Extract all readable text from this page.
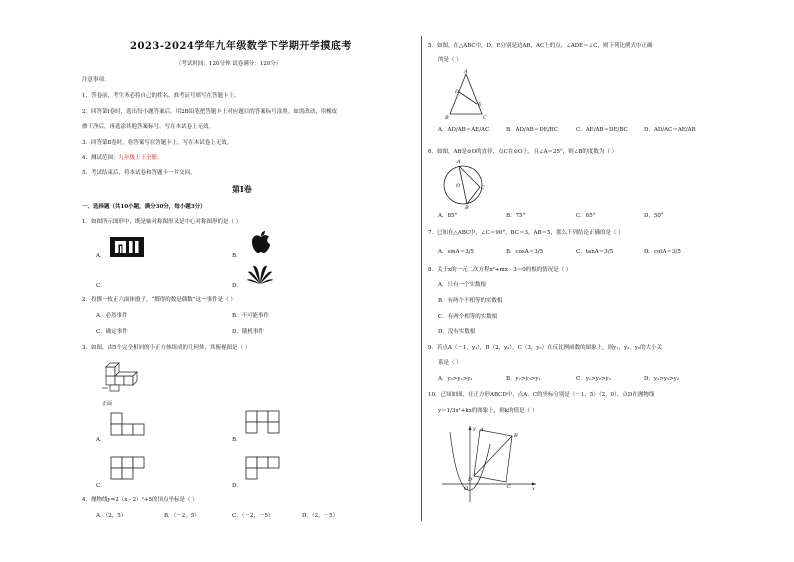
2023-2024学年九年级数学下学期开学摸底考
（考试时间：120分钟 试卷满分：120分）
注意事项：
1．答卷前，考生务必将自己的姓名、准考证号填写在答题卡上。
2．回答第Ⅰ卷时，选出每小题答案后，用2B铅笔把答题卡上对应题目的答案标号涂黑。如需改动，用橡皮
擦干净后，再选涂其他答案标号。写在本试卷上无效。
3．回答第Ⅱ卷时，将答案写在答题卡上。写在本试卷上无效。
4．测试范围：九年级上下全册。
5．考试结束后，将本试卷和答题卡一并交回。
第Ⅰ卷
一、选择题（共10小题，满分30分，每小题3分）
1．如图所示图形中，既是轴对称图形又是中心对称图形的是（ ）
A．	B．
C．	D．
2．投掷一枚正六面体骰子，“掷得的数是偶数”这一事件是（ ）
A．必然事件	B．不可能事件
C．确定事件	D．随机事件
3．如图，由5个完全相同的小正方体组成的几何体，其俯视图是（ ）
正面
A．	B．
C．	D．
4．抛物线y=2（x - 2）²+5的顶点坐标是（ ）
A．（2，5）	B．（－2，5）	C．（－2，－5）	D．（2，－5）
5．如图，在△ABC中，D，E分别是边AB，AC上的点，∠ADE＝∠C，则下列比例式中正确
的是（ ）
A
B	C
D
E
A．AD/AB＝AE/AC	B．AD/AB＝DE/BC	C．AE/AB＝DE/BC	D．AD/AC＝AE/AB
6．如图，AB是⊙O的直径，点C在⊙O上，且∠A＝25°，则∠B的度数为（ ）
A
O	C
B
A．85°	B．75°	C．65°	D．50°
7．已知在△ABC中，∠C＝90°，BC＝3，AB＝5，那么下列结论正确的是（ ）
A．sinA＝3/5	B．cosA＝3/5	C．tanA＝3/5	D．cotA＝3/5
8．关于x的一元二次方程x²+mx - 3＝0的根的情况是（ ）
A．只有一个实数根
B．有两个不相等的实数根
C．有两个相等的实数根
D．没有实数根
9．若点A（－1，y₁），B（2，y₂），C（3，y₃）在反比例函数的图象上，则y₁，y₂，y₃的大小关
系是（ ）
A．y₃>y₂>y₁	B．y₂>y₃>y₁	C．y₁>y₂>y₃	D．y₁>y₃>y₂
10．已知如图，在正方形ABCD中，点A、C的坐标分别是（－1，5）（2，0），点D在抛物线
y＝1/3x²+kx的图象上，则k的值是（ ）
y
x
O
A
B
C
D
